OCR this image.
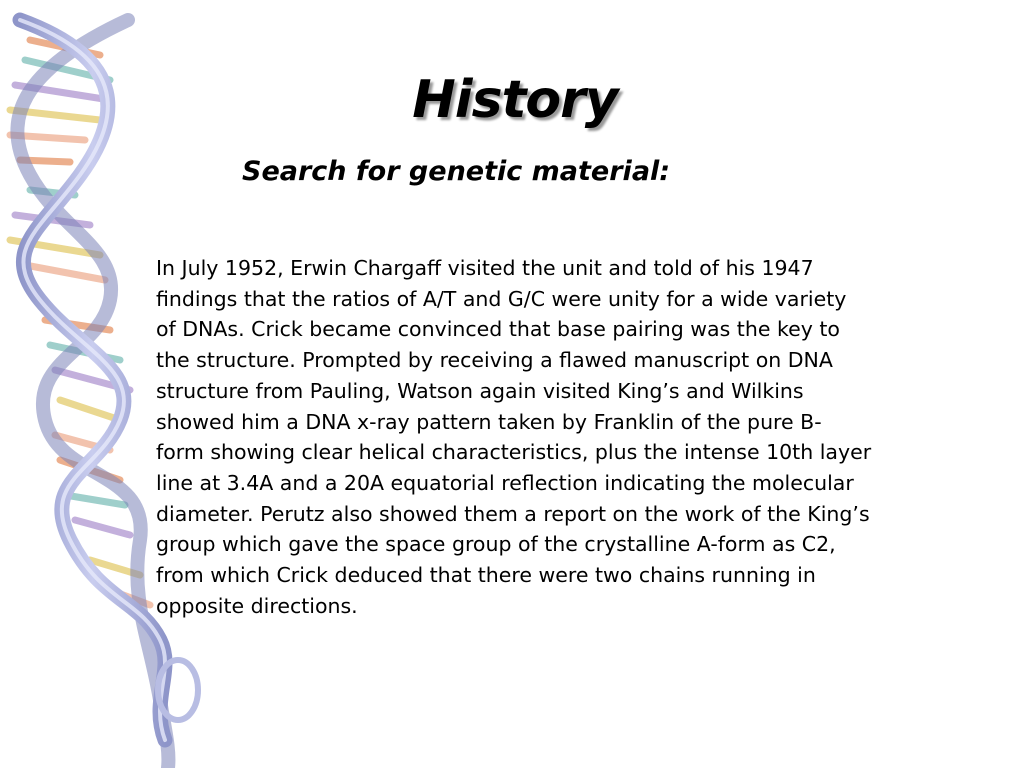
History
Search for genetic material:
In July 1952, Erwin Chargaff visited the unit and told of his 1947
findings that the ratios of A/T and G/C were unity for a wide variety
of DNAs. Crick became convinced that base pairing was the key to
the structure. Prompted by receiving a flawed manuscript on DNA
structure from Pauling, Watson again visited King’s and Wilkins
showed him a DNA x-ray pattern taken by Franklin of the pure B-
form showing clear helical characteristics, plus the intense 10th layer
line at 3.4A and a 20A equatorial reflection indicating the molecular
diameter. Perutz also showed them a report on the work of the King’s
group which gave the space group of the crystalline A-form as C2,
from which Crick deduced that there were two chains running in
opposite directions.
